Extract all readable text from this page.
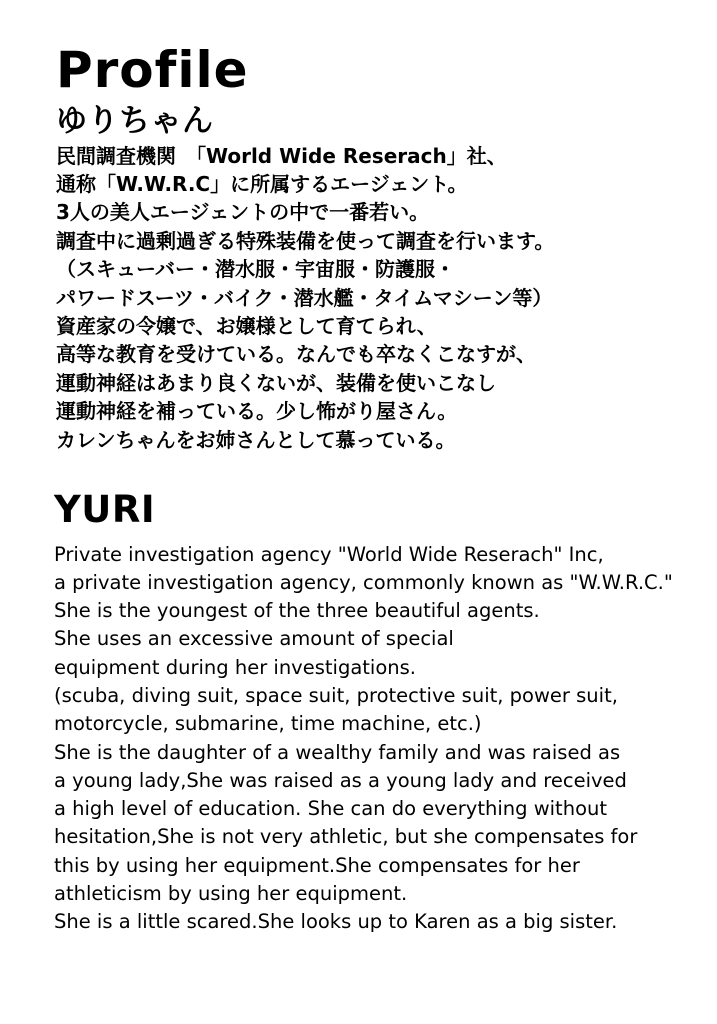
Profile
ゆりちゃん
民間調査機関　「World Wide Reserach」社、
通称「W.W.R.C」に所属するエージェント。
3人の美人エージェントの中で一番若い。
調査中に過剰過ぎる特殊装備を使って調査を行います。
（スキューバー・潜水服・宇宙服・防護服・
パワードスーツ・バイク・潜水艦・タイムマシーン等）
資産家の令嬢で、お嬢様として育てられ、
高等な教育を受けている。なんでも卒なくこなすが、
運動神経はあまり良くないが、装備を使いこなし
運動神経を補っている。少し怖がり屋さん。
カレンちゃんをお姉さんとして慕っている。
YURI
Private investigation agency "World Wide Reserach" Inc,
a private investigation agency, commonly known as "W.W.R.C."
She is the youngest of the three beautiful agents.
She uses an excessive amount of special
equipment during her investigations.
(scuba, diving suit, space suit, protective suit, power suit,
motorcycle, submarine, time machine, etc.)
She is the daughter of a wealthy family and was raised as
a young lady,She was raised as a young lady and received
a high level of education. She can do everything without
hesitation,She is not very athletic, but she compensates for
this by using her equipment.She compensates for her
athleticism by using her equipment.
She is a little scared.She looks up to Karen as a big sister.
